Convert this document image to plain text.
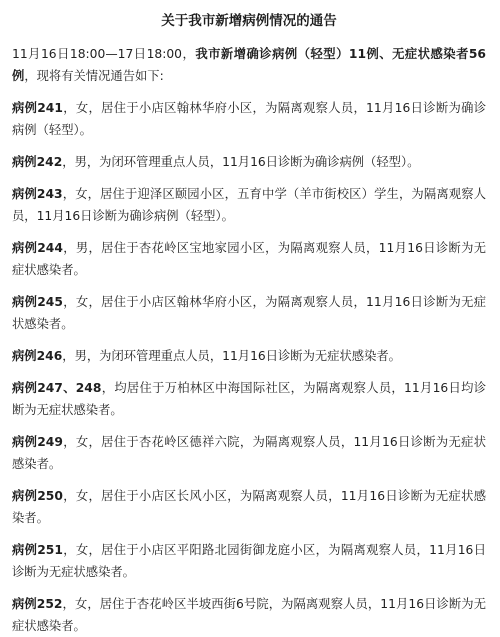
关于我市新增病例情况的通告

11月16日18:00—17日18:00，我市新增确诊病例（轻型）11例、无症状感染者56例，现将有关情况通告如下:

病例241，女，居住于小店区翰林华府小区，为隔离观察人员，11月16日诊断为确诊病例（轻型）。

病例242，男，为闭环管理重点人员，11月16日诊断为确诊病例（轻型）。

病例243，女，居住于迎泽区颐园小区，五育中学（羊市街校区）学生，为隔离观察人员，11月16日诊断为确诊病例（轻型）。

病例244，男，居住于杏花岭区宝地家园小区，为隔离观察人员，11月16日诊断为无症状感染者。

病例245，女，居住于小店区翰林华府小区，为隔离观察人员，11月16日诊断为无症状感染者。

病例246，男，为闭环管理重点人员，11月16日诊断为无症状感染者。

病例247、248，均居住于万柏林区中海国际社区，为隔离观察人员，11月16日均诊断为无症状感染者。

病例249，女，居住于杏花岭区德祥六院，为隔离观察人员，11月16日诊断为无症状感染者。

病例250，女，居住于小店区长风小区，为隔离观察人员，11月16日诊断为无症状感染者。

病例251，女，居住于小店区平阳路北园街御龙庭小区，为隔离观察人员，11月16日诊断为无症状感染者。

病例252，女，居住于杏花岭区半坡西街6号院，为隔离观察人员，11月16日诊断为无症状感染者。
